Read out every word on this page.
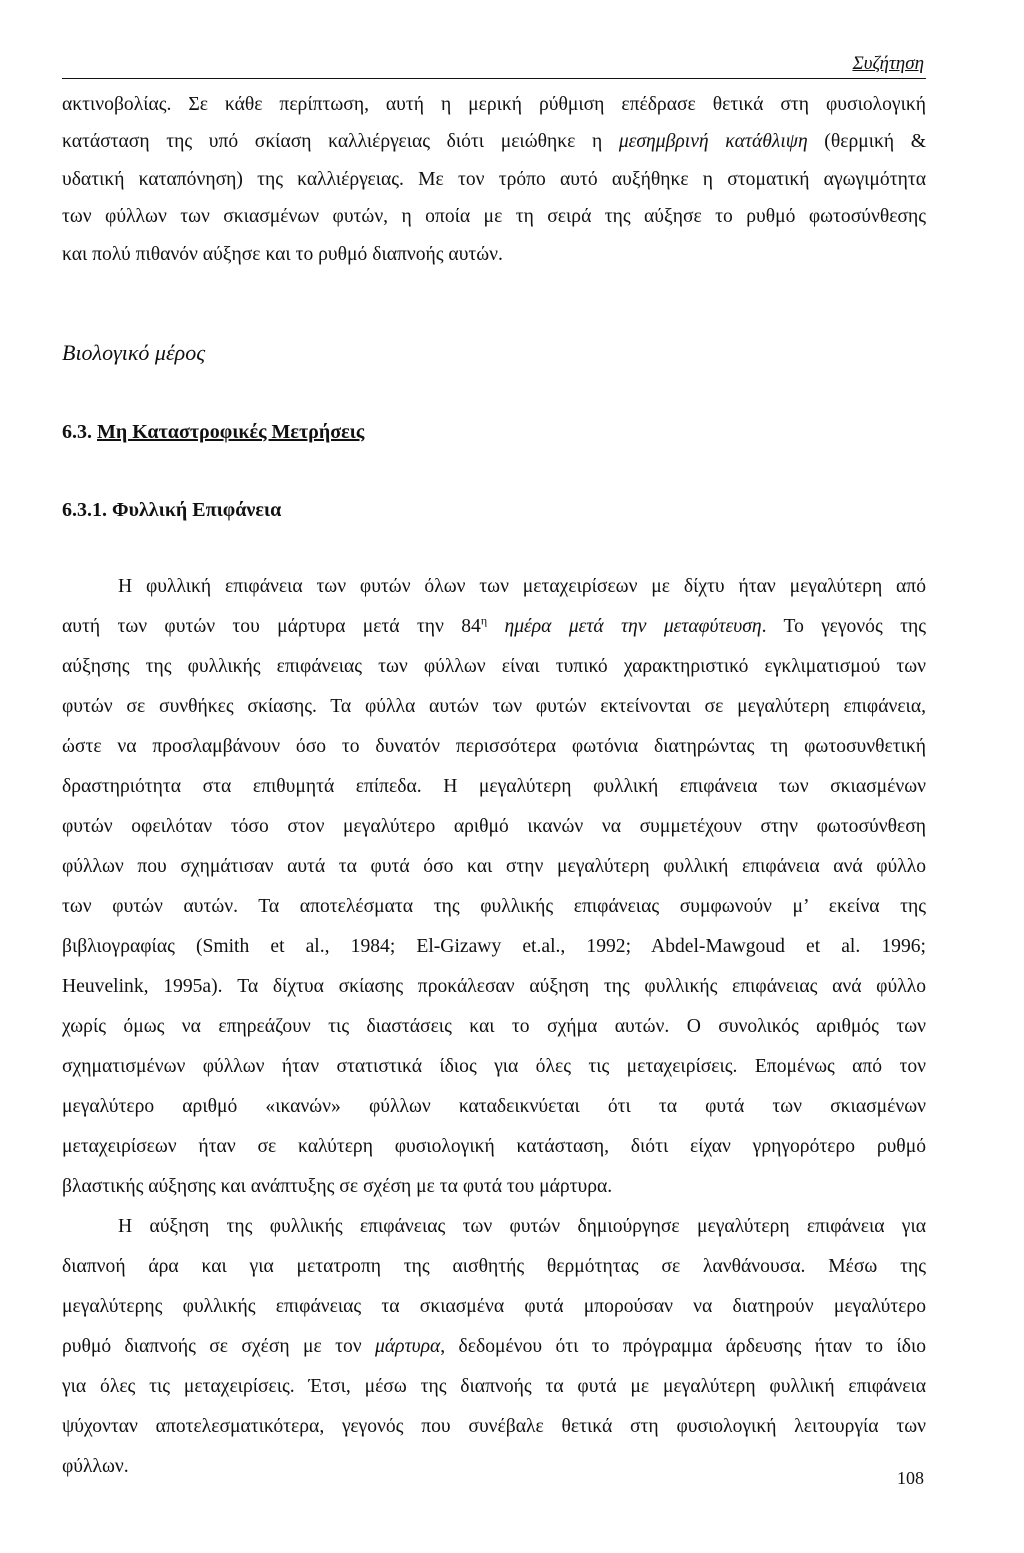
Συζήτηση
ακτινοβολίας. Σε κάθε περίπτωση, αυτή η μερική ρύθμιση επέδρασε θετικά στη φυσιολογική
κατάσταση της υπό σκίαση καλλιέργειας διότι μειώθηκε η μεσημβρινή κατάθλιψη (θερμική &
υδατική καταπόνηση) της καλλιέργειας. Με τον τρόπο αυτό αυξήθηκε η στοματική αγωγιμότητα
των φύλλων των σκιασμένων φυτών, η οποία με τη σειρά της αύξησε το ρυθμό φωτοσύνθεσης
και πολύ πιθανόν αύξησε και το ρυθμό διαπνοής αυτών.
Βιολογικό μέρος
6.3. Μη Καταστροφικές Μετρήσεις
6.3.1. Φυλλική Επιφάνεια
Η φυλλική επιφάνεια των φυτών όλων των μεταχειρίσεων με δίχτυ ήταν μεγαλύτερη από
αυτή των φυτών του μάρτυρα μετά την $84^\eta$ ημέρα μετά την μεταφύτευση. Το γεγονός της
αύξησης της φυλλικής επιφάνειας των φύλλων είναι τυπικό χαρακτηριστικό εγκλιματισμού των
φυτών σε συνθήκες σκίασης. Τα φύλλα αυτών των φυτών εκτείνονται σε μεγαλύτερη επιφάνεια,
ώστε να προσλαμβάνουν όσο το δυνατόν περισσότερα φωτόνια διατηρώντας τη φωτοσυνθετική
δραστηριότητα στα επιθυμητά επίπεδα. Η μεγαλύτερη φυλλική επιφάνεια των σκιασμένων
φυτών οφειλόταν τόσο στον μεγαλύτερο αριθμό ικανών να συμμετέχουν στην φωτοσύνθεση
φύλλων που σχημάτισαν αυτά τα φυτά όσο και στην μεγαλύτερη φυλλική επιφάνεια ανά φύλλο
των φυτών αυτών. Τα αποτελέσματα της φυλλικής επιφάνειας συμφωνούν μ’ εκείνα της
βιβλιογραφίας (Smith et al., 1984; El-Gizawy et.al., 1992; Abdel-Mawgoud et al. 1996;
Heuvelink, 1995a). Τα δίχτυα σκίασης προκάλεσαν αύξηση της φυλλικής επιφάνειας ανά φύλλο
χωρίς όμως να επηρεάζουν τις διαστάσεις και το σχήμα αυτών. Ο συνολικός αριθμός των
σχηματισμένων φύλλων ήταν στατιστικά ίδιος για όλες τις μεταχειρίσεις. Επομένως από τον
μεγαλύτερο αριθμό «ικανών» φύλλων καταδεικνύεται ότι τα φυτά των σκιασμένων
μεταχειρίσεων ήταν σε καλύτερη φυσιολογική κατάσταση, διότι είχαν γρηγορότερο ρυθμό
βλαστικής αύξησης και ανάπτυξης σε σχέση με τα φυτά του μάρτυρα.
Η αύξηση της φυλλικής επιφάνειας των φυτών δημιούργησε μεγαλύτερη επιφάνεια για
διαπνοή άρα και για μετατροπη της αισθητής θερμότητας σε λανθάνουσα. Μέσω της
μεγαλύτερης φυλλικής επιφάνειας τα σκιασμένα φυτά μπορούσαν να διατηρούν μεγαλύτερο
ρυθμό διαπνοής σε σχέση με τον μάρτυρα, δεδομένου ότι το πρόγραμμα άρδευσης ήταν το ίδιο
για όλες τις μεταχειρίσεις. Έτσι, μέσω της διαπνοής τα φυτά με μεγαλύτερη φυλλική επιφάνεια
ψύχονταν αποτελεσματικότερα, γεγονός που συνέβαλε θετικά στη φυσιολογική λειτουργία των
φύλλων.
108
